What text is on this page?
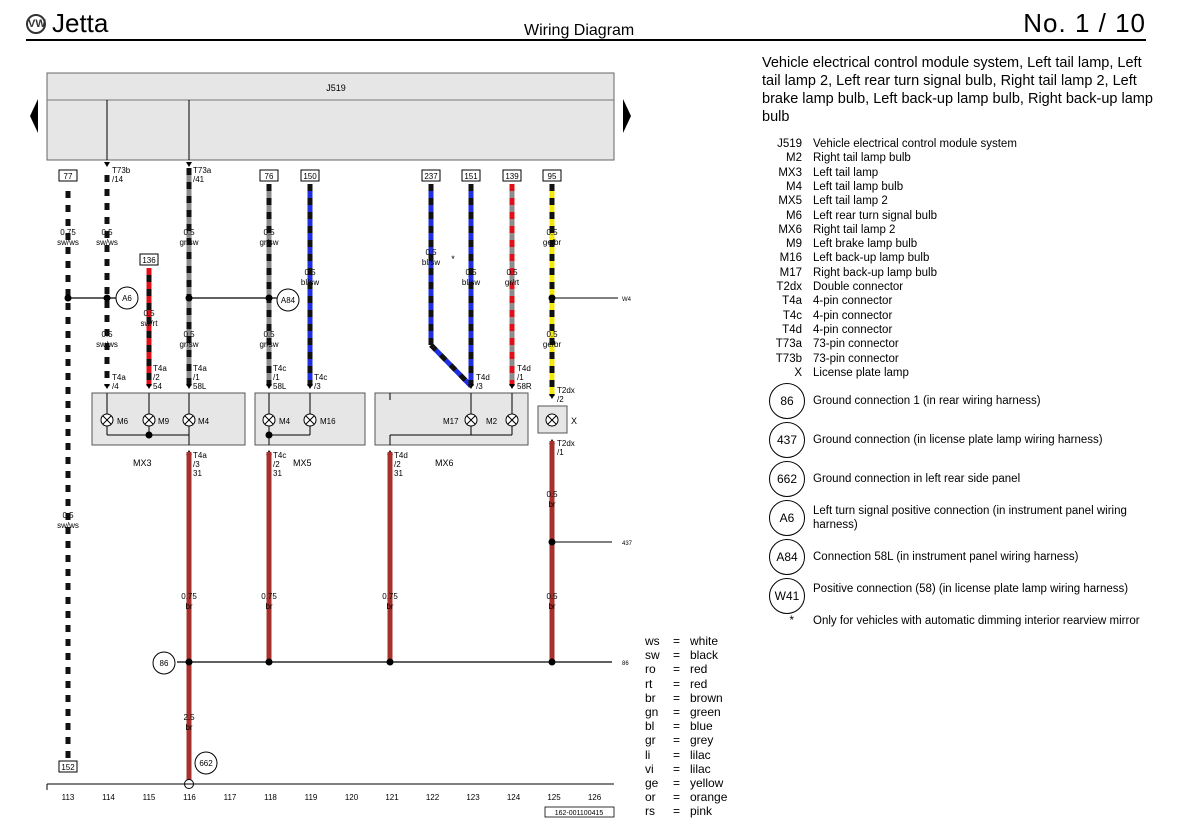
VW Jetta	Wiring Diagram	No. 1 / 10
J519
77
0.75
sw/ws
0.5
sw/ws
152
T73b
/14
0.5
sw/ws
0.5
sw/ws
A6
T4a
/4
136
0.5
sw/rt
T4a
/2
54
T73a
/41
0.5
gr/sw
0.5
gr/sw
T4a
/1
58L
M6	M9	M4
MX3
T4a
/3
31
0.75
br
2.5
br
662
76
0.5
gr/sw
0.5
gr/sw
A84
T4c
/1
58L
150
0.5
bl/sw
T4c
/3
M4	M16
MX5
T4c
/2
31
0.75
br
237
0.5
bl/sw *
151
0.5
bl/sw
T4d
/3
139
0.5
gr/rt
T4d
/1
58R
M17	M2
MX6
T4d
/2
31
0.75
br
95
0.5
ge/br
0.5
ge/br
W4
T2dx
/2
X
T2dx
/1
0.5
br
437
0.5
br
86	86
113	114	115	116	117	118	119	120	121	122	123	124	125	126
162-001100415
Vehicle electrical control module system, Left tail lamp, Left tail lamp 2, Left rear turn signal bulb, Right tail lamp 2, Left brake lamp bulb, Left back-up lamp bulb, Right back-up lamp bulb
J519 Vehicle electrical control module system
M2 Right tail lamp bulb
MX3 Left tail lamp
M4 Left tail lamp bulb
MX5 Left tail lamp 2
M6 Left rear turn signal bulb
MX6 Right tail lamp 2
M9 Left brake lamp bulb
M16 Left back-up lamp bulb
M17 Right back-up lamp bulb
T2dx Double connector
T4a 4-pin connector
T4c 4-pin connector
T4d 4-pin connector
T73a 73-pin connector
T73b 73-pin connector
X License plate lamp
86	Ground connection 1 (in rear wiring harness)
437	Ground connection (in license plate lamp wiring harness)
662	Ground connection in left rear side panel
A6	Left turn signal positive connection (in instrument panel wiring harness)
A84	Connection 58L (in instrument panel wiring harness)
W41	Positive connection (58) (in license plate lamp wiring harness)
* Only for vehicles with automatic dimming interior rearview mirror
ws = white
sw = black
ro = red
rt = red
br = brown
gn = green
bl = blue
gr = grey
li = lilac
vi = lilac
ge = yellow
or = orange
rs = pink
